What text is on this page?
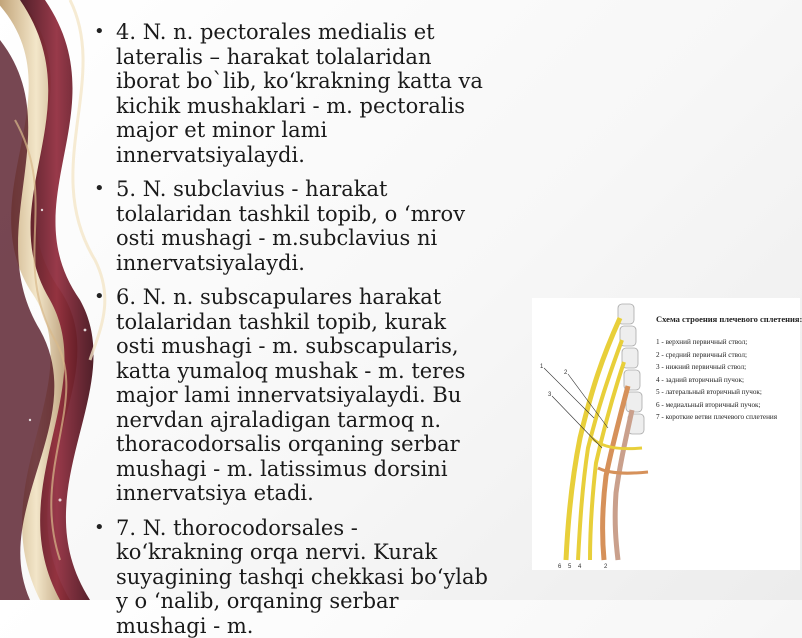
• 4. N. n. pectorales medialis et lateralis – harakat tolalaridan iborat bo`lib, ko‘krakning katta va kichik mushaklari - m. pectoralis major et minor lami innervatsiyalaydi.
• 5. N. subclavius - harakat tolalaridan tashkil topib, o ‘mrov osti mushagi - m.subclavius ni innervatsiyalaydi.
• 6. N. n. subscapulares harakat tolalaridan tashkil topib, kurak osti mushagi - m. subscapularis, katta yumaloq mushak - m. teres major lami innervatsiyalaydi. Bu nervdan ajraladigan tarmoq n. thoracodorsalis orqaning serbar mushagi - m. latissimus dorsini innervatsiya etadi.
• 7. N. thorocodorsales - ko‘krakning orqa nervi. Kurak suyagining tashqi chekkasi bo‘ylab y o ‘nalib, orqaning serbar mushagi - m.
1
2
3
6 5 4	2
Схема строения плечевого сплетения:
1 - верхний первичный ствол;
2 - средний первичный ствол;
3 - нижний первичный ствол;
4 - задний вторичный пучок;
5 - латеральный вторичный пучок;
6 - медиальный вторичный пучок;
7 - короткие ветви плечевого сплетения
